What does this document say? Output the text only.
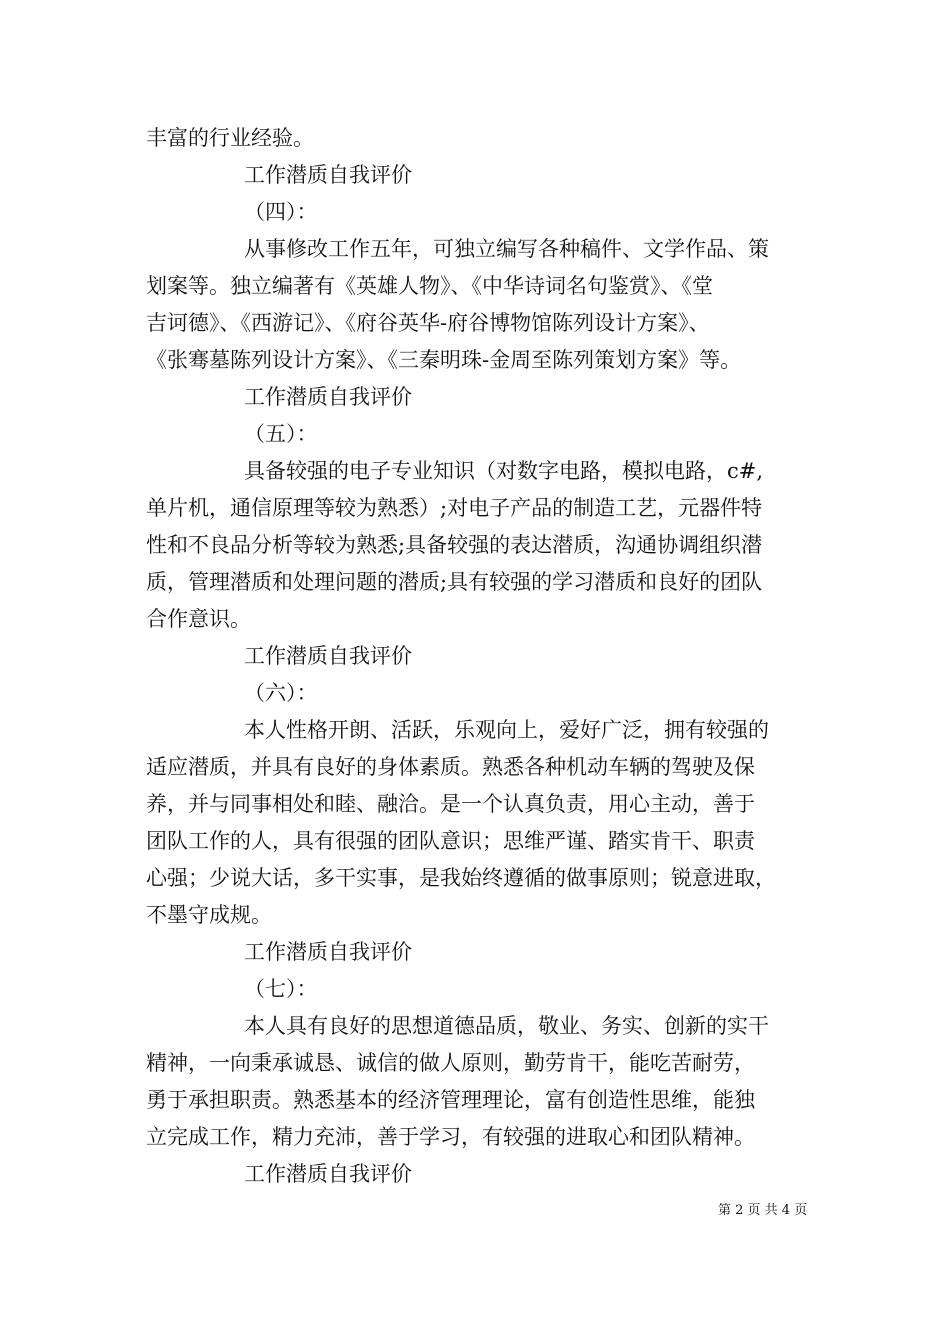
丰富的行业经验。
工作潜质自我评价
（四）：
从事修改工作五年，可独立编写各种稿件、文学作品、策
划案等。独立编著有《英雄人物》、《中华诗词名句鉴赏》、《堂
吉诃德》、《西游记》、《府谷英华-府谷博物馆陈列设计方案》、
《张骞墓陈列设计方案》、《三秦明珠-金周至陈列策划方案》等。
工作潜质自我评价
（五）：
具备较强的电子专业知识（对数字电路，模拟电路，c#,
单片机，通信原理等较为熟悉）;对电子产品的制造工艺，元器件特
性和不良品分析等较为熟悉;具备较强的表达潜质，沟通协调组织潜
质，管理潜质和处理问题的潜质;具有较强的学习潜质和良好的团队
合作意识。
工作潜质自我评价
（六）：
本人性格开朗、活跃，乐观向上，爱好广泛，拥有较强的
适应潜质，并具有良好的身体素质。熟悉各种机动车辆的驾驶及保
养，并与同事相处和睦、融洽。是一个认真负责，用心主动，善于
团队工作的人，具有很强的团队意识；思维严谨、踏实肯干、职责
心强；少说大话，多干实事，是我始终遵循的做事原则；锐意进取，
不墨守成规。
工作潜质自我评价
（七）：
本人具有良好的思想道德品质，敬业、务实、创新的实干
精神，一向秉承诚恳、诚信的做人原则，勤劳肯干，能吃苦耐劳，
勇于承担职责。熟悉基本的经济管理理论，富有创造性思维，能独
立完成工作，精力充沛，善于学习，有较强的进取心和团队精神。
工作潜质自我评价
第 2 页 共 4 页
